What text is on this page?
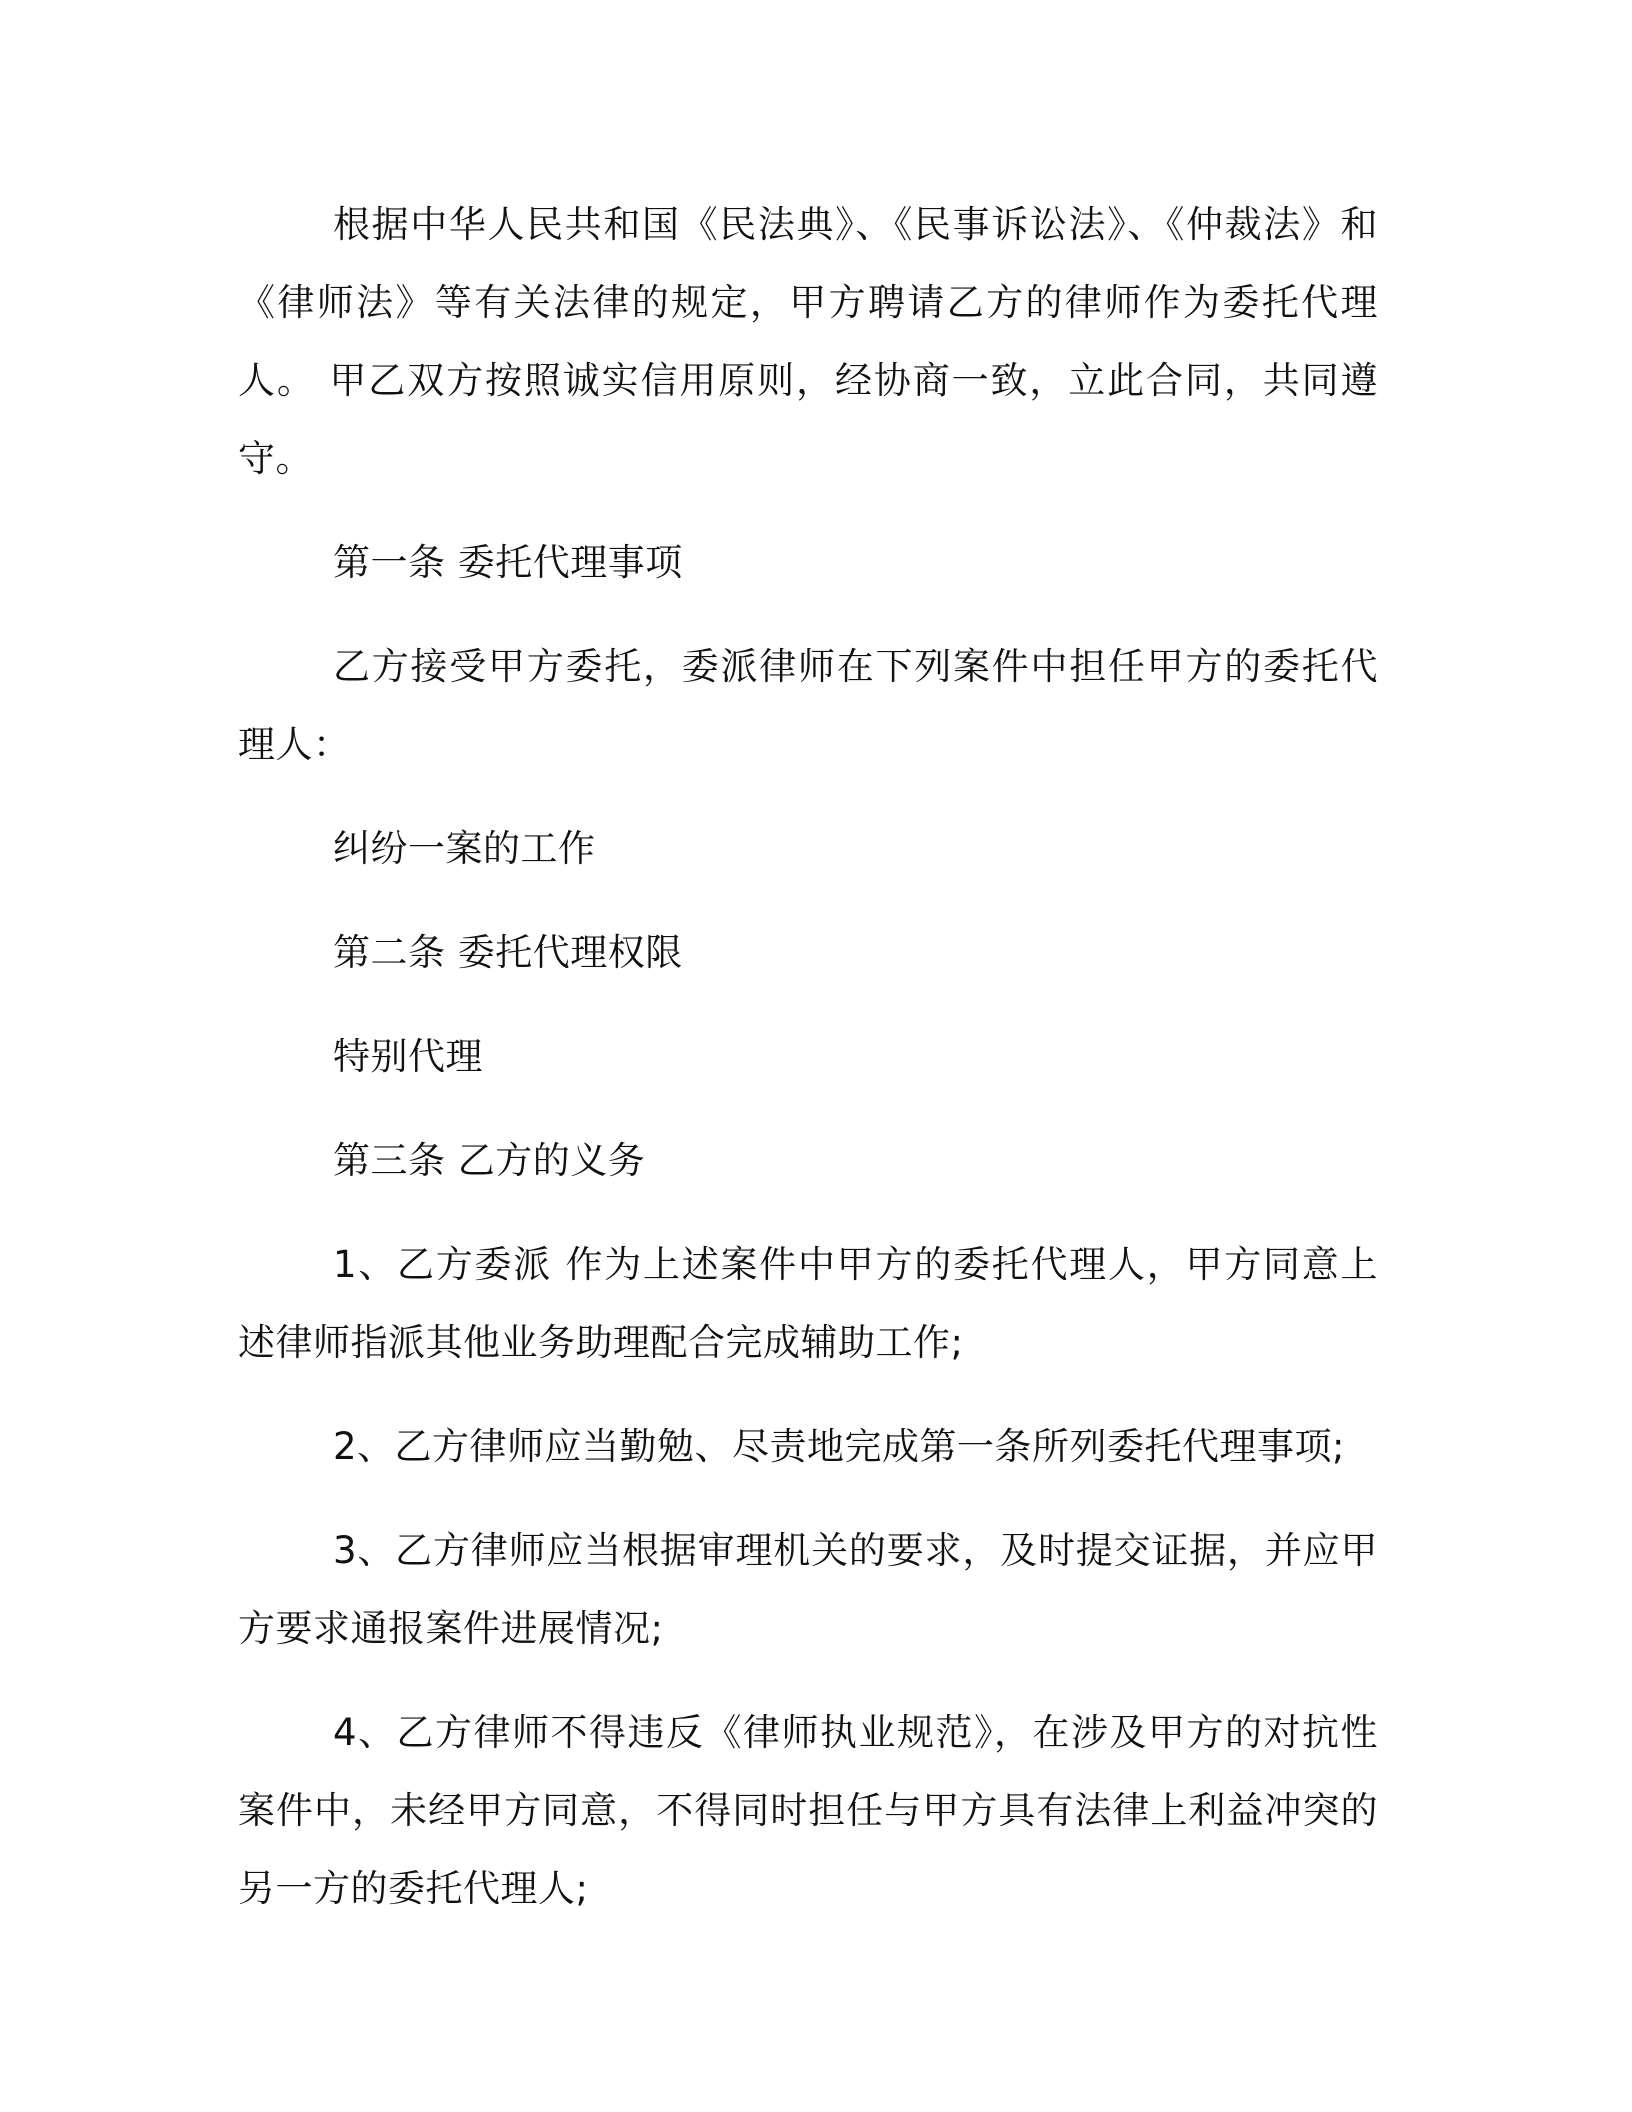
根据中华人民共和国《民法典》、《民事诉讼法》、《仲裁法》和《律师法》等有关法律的规定，甲方聘请乙方的律师作为委托代理人。 甲乙双方按照诚实信用原则，经协商一致，立此合同，共同遵守。

第一条 委托代理事项

乙方接受甲方委托，委派律师在下列案件中担任甲方的委托代理人：

纠纷一案的工作

第二条 委托代理权限

特别代理

第三条 乙方的义务

1、乙方委派 作为上述案件中甲方的委托代理人，甲方同意上述律师指派其他业务助理配合完成辅助工作;

2、乙方律师应当勤勉、尽责地完成第一条所列委托代理事项;

3、乙方律师应当根据审理机关的要求，及时提交证据，并应甲方要求通报案件进展情况;

4、乙方律师不得违反《律师执业规范》，在涉及甲方的对抗性案件中，未经甲方同意，不得同时担任与甲方具有法律上利益冲突的另一方的委托代理人;
